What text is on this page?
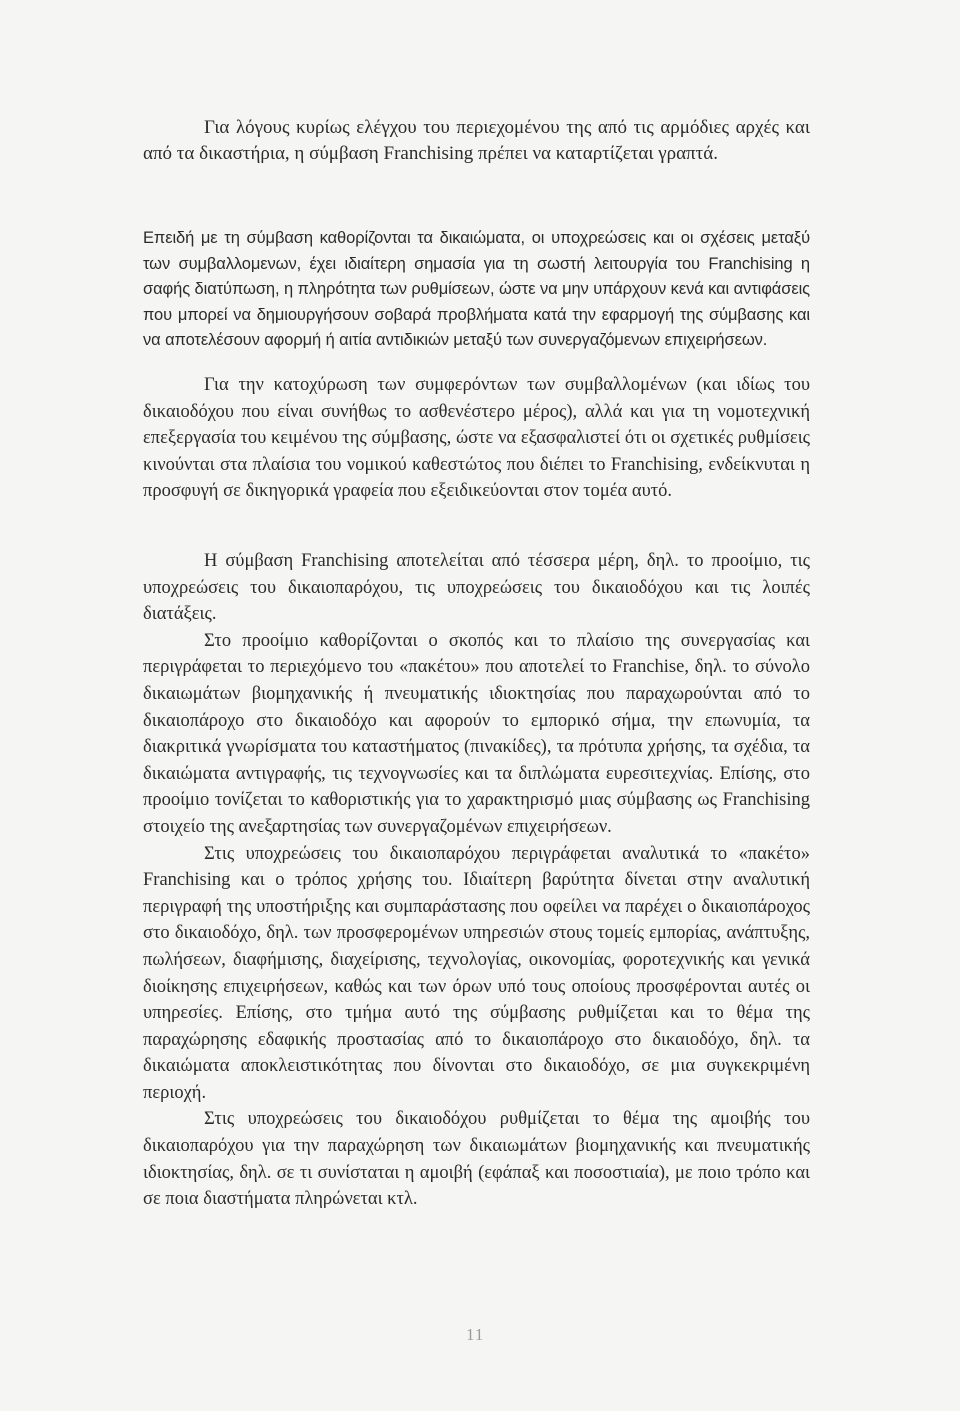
Για λόγους κυρίως ελέγχου του περιεχομένου της από τις αρμόδιες αρχές και από τα δικαστήρια, η σύμβαση Franchising πρέπει να καταρτίζεται γραπτά.

Επειδή με τη σύμβαση καθορίζονται τα δικαιώματα, οι υποχρεώσεις και οι σχέσεις μεταξύ των συμβαλλομενων, έχει ιδιαίτερη σημασία για τη σωστή λειτουργία του Franchising η σαφής διατύπωση, η πληρότητα των ρυθμίσεων, ώστε να μην υπάρχουν κενά και αντιφάσεις που μπορεί να δημιουργήσουν σοβαρά προβλήματα κατά την εφαρμογή της σύμβασης και να αποτελέσουν αφορμή ή αιτία αντιδικιών μεταξύ των συνεργαζόμενων επιχειρήσεων.

Για την κατοχύρωση των συμφερόντων των συμβαλλομένων (και ιδίως του δικαιοδόχου που είναι συνήθως το ασθενέστερο μέρος), αλλά και για τη νομοτεχνική επεξεργασία του κειμένου της σύμβασης, ώστε να εξασφαλιστεί ότι οι σχετικές ρυθμίσεις κινούνται στα πλαίσια του νομικού καθεστώτος που διέπει το Franchising, ενδείκνυται η προσφυγή σε δικηγορικά γραφεία που εξειδικεύονται στον τομέα αυτό.

Η σύμβαση Franchising αποτελείται από τέσσερα μέρη, δηλ. το προοίμιο, τις υποχρεώσεις του δικαιοπαρόχου, τις υποχρεώσεις του δικαιοδόχου και τις λοιπές διατάξεις.

Στο προοίμιο καθορίζονται ο σκοπός και το πλαίσιο της συνεργασίας και περιγράφεται το περιεχόμενο του «πακέτου» που αποτελεί το Franchise, δηλ. το σύνολο δικαιωμάτων βιομηχανικής ή πνευματικής ιδιοκτησίας που παραχωρούνται από το δικαιοπάροχο στο δικαιοδόχο και αφορούν το εμπορικό σήμα, την επωνυμία, τα διακριτικά γνωρίσματα του καταστήματος (πινακίδες), τα πρότυπα χρήσης, τα σχέδια, τα δικαιώματα αντιγραφής, τις τεχνογνωσίες και τα διπλώματα ευρεσιτεχνίας. Επίσης, στο προοίμιο τονίζεται το καθοριστικής για το χαρακτηρισμό μιας σύμβασης ως Franchising στοιχείο της ανεξαρτησίας των συνεργαζομένων επιχειρήσεων.

Στις υποχρεώσεις του δικαιοπαρόχου περιγράφεται αναλυτικά το «πακέτο» Franchising και ο τρόπος χρήσης του. Ιδιαίτερη βαρύτητα δίνεται στην αναλυτική περιγραφή της υποστήριξης και συμπαράστασης που οφείλει να παρέχει ο δικαιοπάροχος στο δικαιοδόχο, δηλ. των προσφερομένων υπηρεσιών στους τομείς εμπορίας, ανάπτυξης, πωλήσεων, διαφήμισης, διαχείρισης, τεχνολογίας, οικονομίας, φοροτεχνικής και γενικά διοίκησης επιχειρήσεων, καθώς και των όρων υπό τους οποίους προσφέρονται αυτές οι υπηρεσίες. Επίσης, στο τμήμα αυτό της σύμβασης ρυθμίζεται και το θέμα της παραχώρησης εδαφικής προστασίας από το δικαιοπάροχο στο δικαιοδόχο, δηλ. τα δικαιώματα αποκλειστικότητας που δίνονται στο δικαιοδόχο, σε μια συγκεκριμένη περιοχή.

Στις υποχρεώσεις του δικαιοδόχου ρυθμίζεται το θέμα της αμοιβής του δικαιοπαρόχου για την παραχώρηση των δικαιωμάτων βιομηχανικής και πνευματικής ιδιοκτησίας, δηλ. σε τι συνίσταται η αμοιβή (εφάπαξ και ποσοστιαία), με ποιο τρόπο και σε ποια διαστήματα πληρώνεται κτλ.

11
